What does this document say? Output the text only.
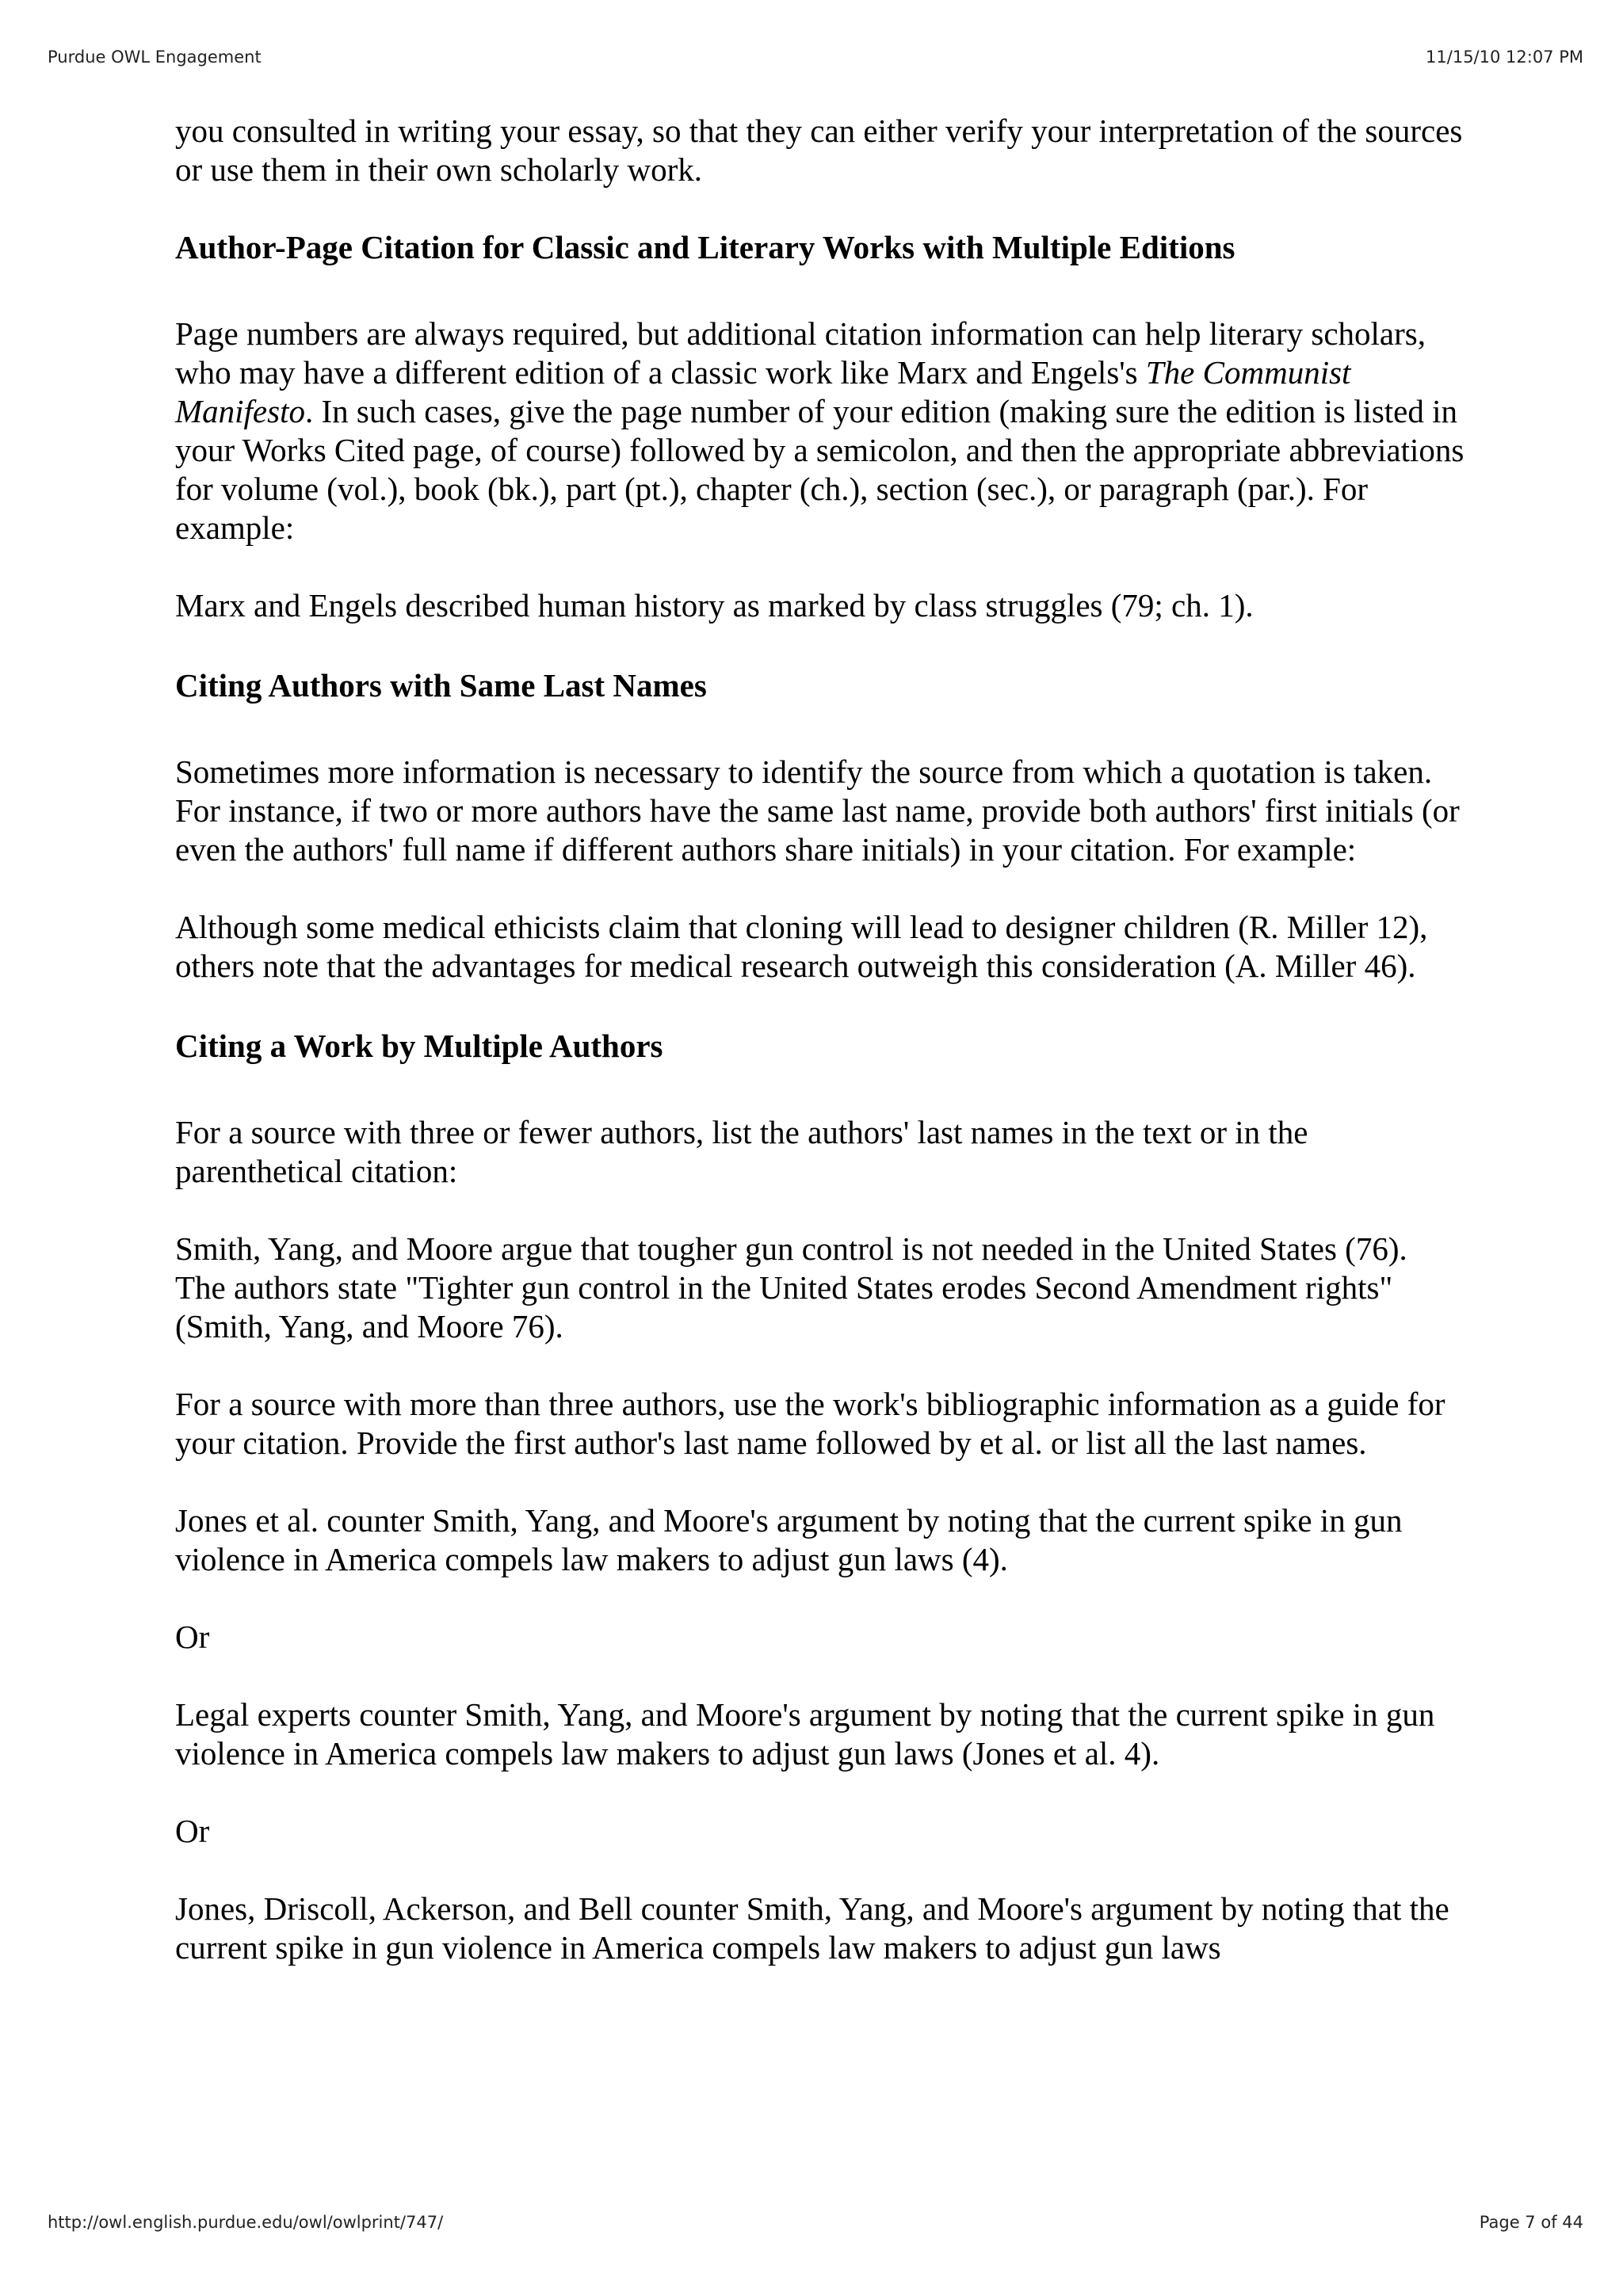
Purdue OWL Engagement	11/15/10 12:07 PM

you consulted in writing your essay, so that they can either verify your interpretation of the sources or use them in their own scholarly work.

Author-Page Citation for Classic and Literary Works with Multiple Editions

Page numbers are always required, but additional citation information can help literary scholars, who may have a different edition of a classic work like Marx and Engels's The Communist Manifesto. In such cases, give the page number of your edition (making sure the edition is listed in your Works Cited page, of course) followed by a semicolon, and then the appropriate abbreviations for volume (vol.), book (bk.), part (pt.), chapter (ch.), section (sec.), or paragraph (par.). For example:

Marx and Engels described human history as marked by class struggles (79; ch. 1).

Citing Authors with Same Last Names

Sometimes more information is necessary to identify the source from which a quotation is taken. For instance, if two or more authors have the same last name, provide both authors' first initials (or even the authors' full name if different authors share initials) in your citation. For example:

Although some medical ethicists claim that cloning will lead to designer children (R. Miller 12), others note that the advantages for medical research outweigh this consideration (A. Miller 46).

Citing a Work by Multiple Authors

For a source with three or fewer authors, list the authors' last names in the text or in the parenthetical citation:

Smith, Yang, and Moore argue that tougher gun control is not needed in the United States (76).

The authors state "Tighter gun control in the United States erodes Second Amendment rights" (Smith, Yang, and Moore 76).

For a source with more than three authors, use the work's bibliographic information as a guide for your citation. Provide the first author's last name followed by et al. or list all the last names.

Jones et al. counter Smith, Yang, and Moore's argument by noting that the current spike in gun violence in America compels law makers to adjust gun laws (4).

Or

Legal experts counter Smith, Yang, and Moore's argument by noting that the current spike in gun violence in America compels law makers to adjust gun laws (Jones et al. 4).

Or

Jones, Driscoll, Ackerson, and Bell counter Smith, Yang, and Moore's argument by noting that the current spike in gun violence in America compels law makers to adjust gun laws

http://owl.english.purdue.edu/owl/owlprint/747/	Page 7 of 44
